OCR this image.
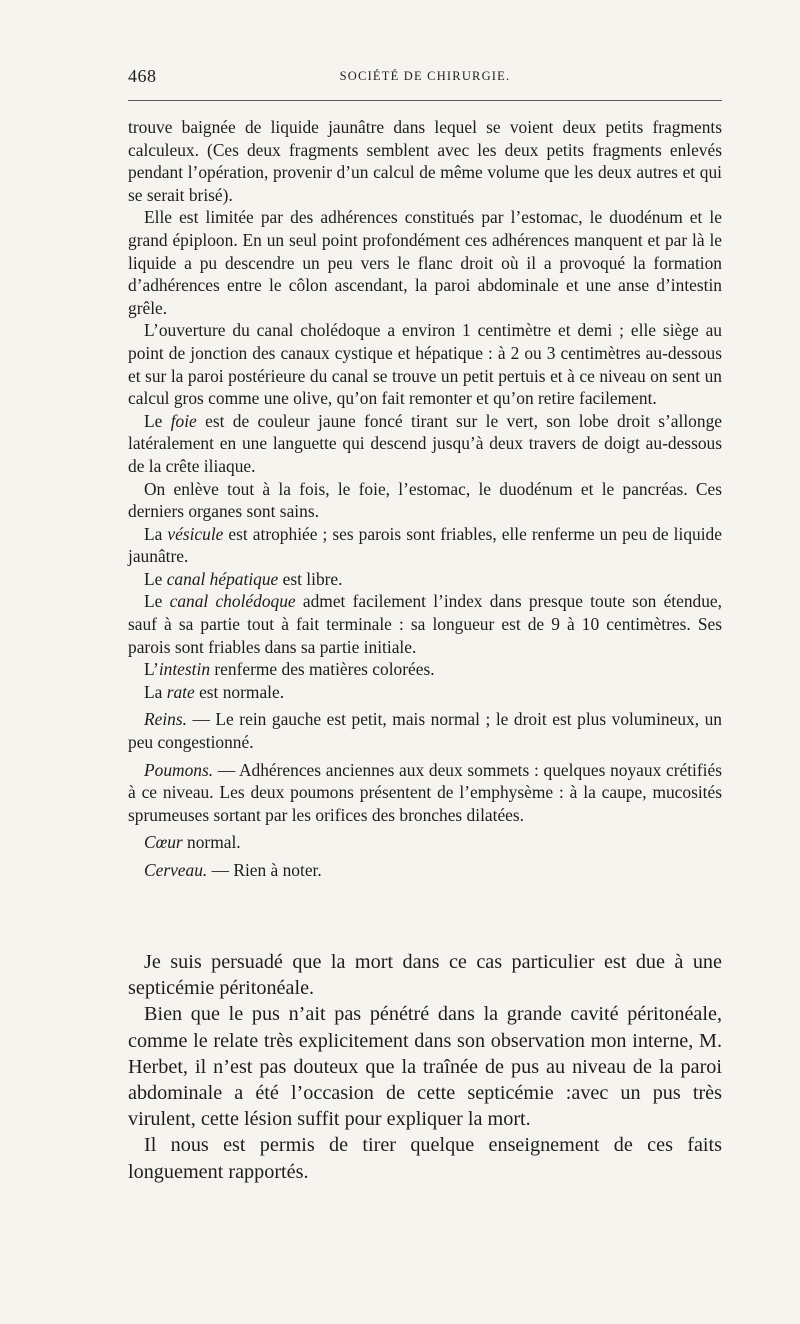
468	SOCIÉTÉ DE CHIRURGIE.

trouve baignée de liquide jaunâtre dans lequel se voient deux petits fragments calculeux. (Ces deux fragments semblent avec les deux petits fragments enlevés pendant l’opération, provenir d’un calcul de même volume que les deux autres et qui se serait brisé).

Elle est limitée par des adhérences constitués par l’estomac, le duodénum et le grand épiploon. En un seul point profondément ces adhérences manquent et par là le liquide a pu descendre un peu vers le flanc droit où il a provoqué la formation d’adhérences entre le côlon ascendant, la paroi abdominale et une anse d’intestin grêle.

L’ouverture du canal cholédoque a environ 1 centimètre et demi ; elle siège au point de jonction des canaux cystique et hépatique : à 2 ou 3 centimètres au-dessous et sur la paroi postérieure du canal se trouve un petit pertuis et à ce niveau on sent un calcul gros comme une olive, qu’on fait remonter et qu’on retire facilement.

Le foie est de couleur jaune foncé tirant sur le vert, son lobe droit s’allonge latéralement en une languette qui descend jusqu’à deux travers de doigt au-dessous de la crête iliaque.

On enlève tout à la fois, le foie, l’estomac, le duodénum et le pancréas. Ces derniers organes sont sains.

La vésicule est atrophiée ; ses parois sont friables, elle renferme un peu de liquide jaunâtre.

Le canal hépatique est libre.

Le canal cholédoque admet facilement l’index dans presque toute son étendue, sauf à sa partie tout à fait terminale : sa longueur est de 9 à 10 centimètres. Ses parois sont friables dans sa partie initiale.

L’intestin renferme des matières colorées.

La rate est normale.

Reins. — Le rein gauche est petit, mais normal ; le droit est plus volumineux, un peu congestionné.

Poumons. — Adhérences anciennes aux deux sommets : quelques noyaux crétifiés à ce niveau. Les deux poumons présentent de l’emphysème : à la caupe, mucosités sprumeuses sortant par les orifices des bronches dilatées.

Cœur normal.

Cerveau. — Rien à noter.

Je suis persuadé que la mort dans ce cas particulier est due à une septicémie péritonéale.

Bien que le pus n’ait pas pénétré dans la grande cavité péritonéale, comme le relate très explicitement dans son observation mon interne, M. Herbet, il n’est pas douteux que la traînée de pus au niveau de la paroi abdominale a été l’occasion de cette septicémie :avec un pus très virulent, cette lésion suffit pour expliquer la mort.

Il nous est permis de tirer quelque enseignement de ces faits longuement rapportés.
